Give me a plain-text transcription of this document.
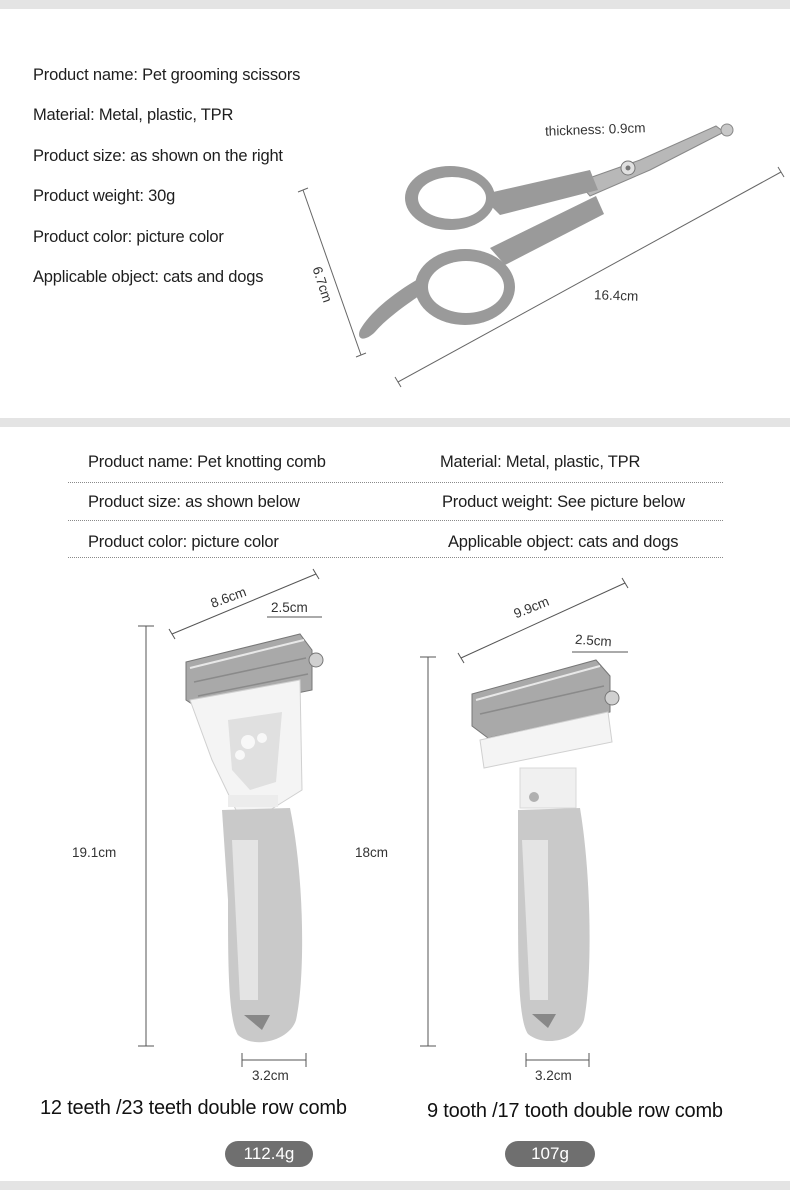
Product name: Pet grooming scissors
Material: Metal, plastic, TPR
Product size: as shown on the right
Product weight: 30g
Product color: picture color
Applicable object: cats and dogs
thickness: 0.9cm
6.7cm	16.4cm
Product name: Pet knotting comb	Material: Metal, plastic, TPR
Product size: as shown below	Product weight: See picture below
Product color: picture color	Applicable object: cats and dogs
8.6cm 2.5cm
19.1cm
3.2cm
9.9cm
2.5cm
18cm
3.2cm
12 teeth /23 teeth double row comb	9 tooth /17 tooth double row comb
112.4g	107g
